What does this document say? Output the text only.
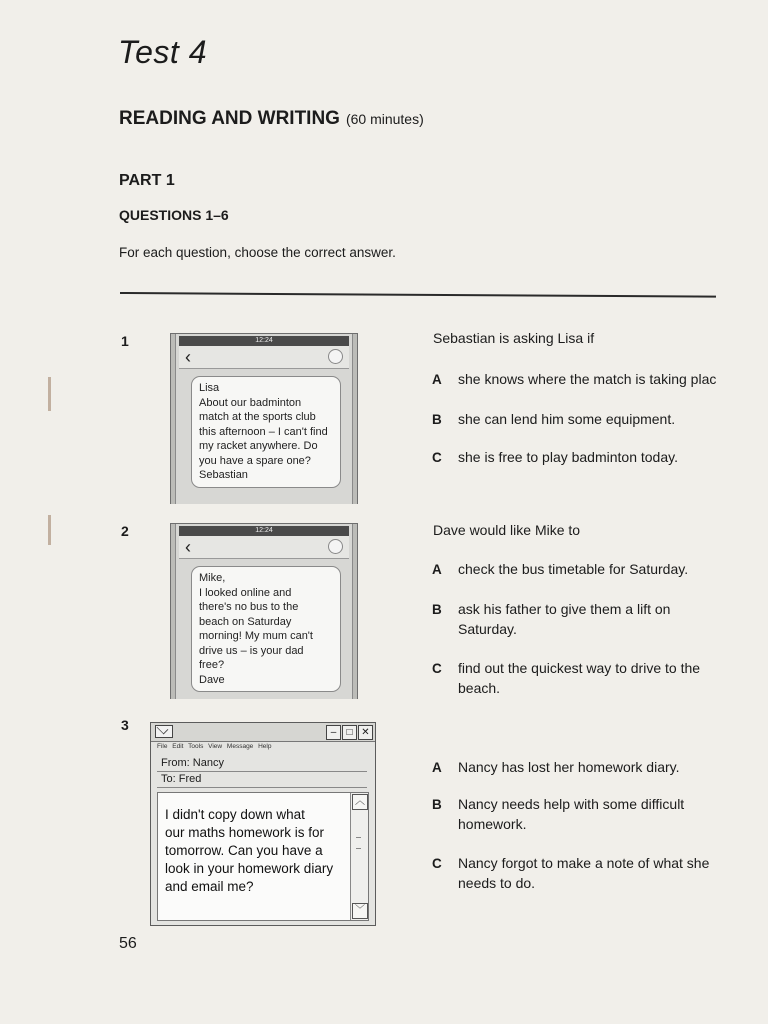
Test 4
READING AND WRITING (60 minutes)
PART 1
QUESTIONS 1–6
For each question, choose the correct answer.
1	12:24
‹
Lisa
About our badminton
match at the sports club
this afternoon – I can't find
my racket anywhere. Do
you have a spare one?
Sebastian
Sebastian is asking Lisa if
A she knows where the match is taking plac
B she can lend him some equipment.
C she is free to play badminton today.
2	12:24
‹
Mike,
I looked online and
there's no bus to the
beach on Saturday
morning! My mum can't
drive us – is your dad
free?
Dave
Dave would like Mike to
A check the bus timetable for Saturday.
B ask his father to give them a lift on
Saturday.
C find out the quickest way to drive to the
beach.
3	–	□ ✕
File Edit Tools View Message Help
From: Nancy
To: Fred
I didn't copy down what
our maths homework is for
tomorrow. Can you have a
look in your homework diary
and email me?
︿
﹀
A Nancy has lost her homework diary.
B Nancy needs help with some difficult
homework.
C Nancy forgot to make a note of what she
needs to do.
56
